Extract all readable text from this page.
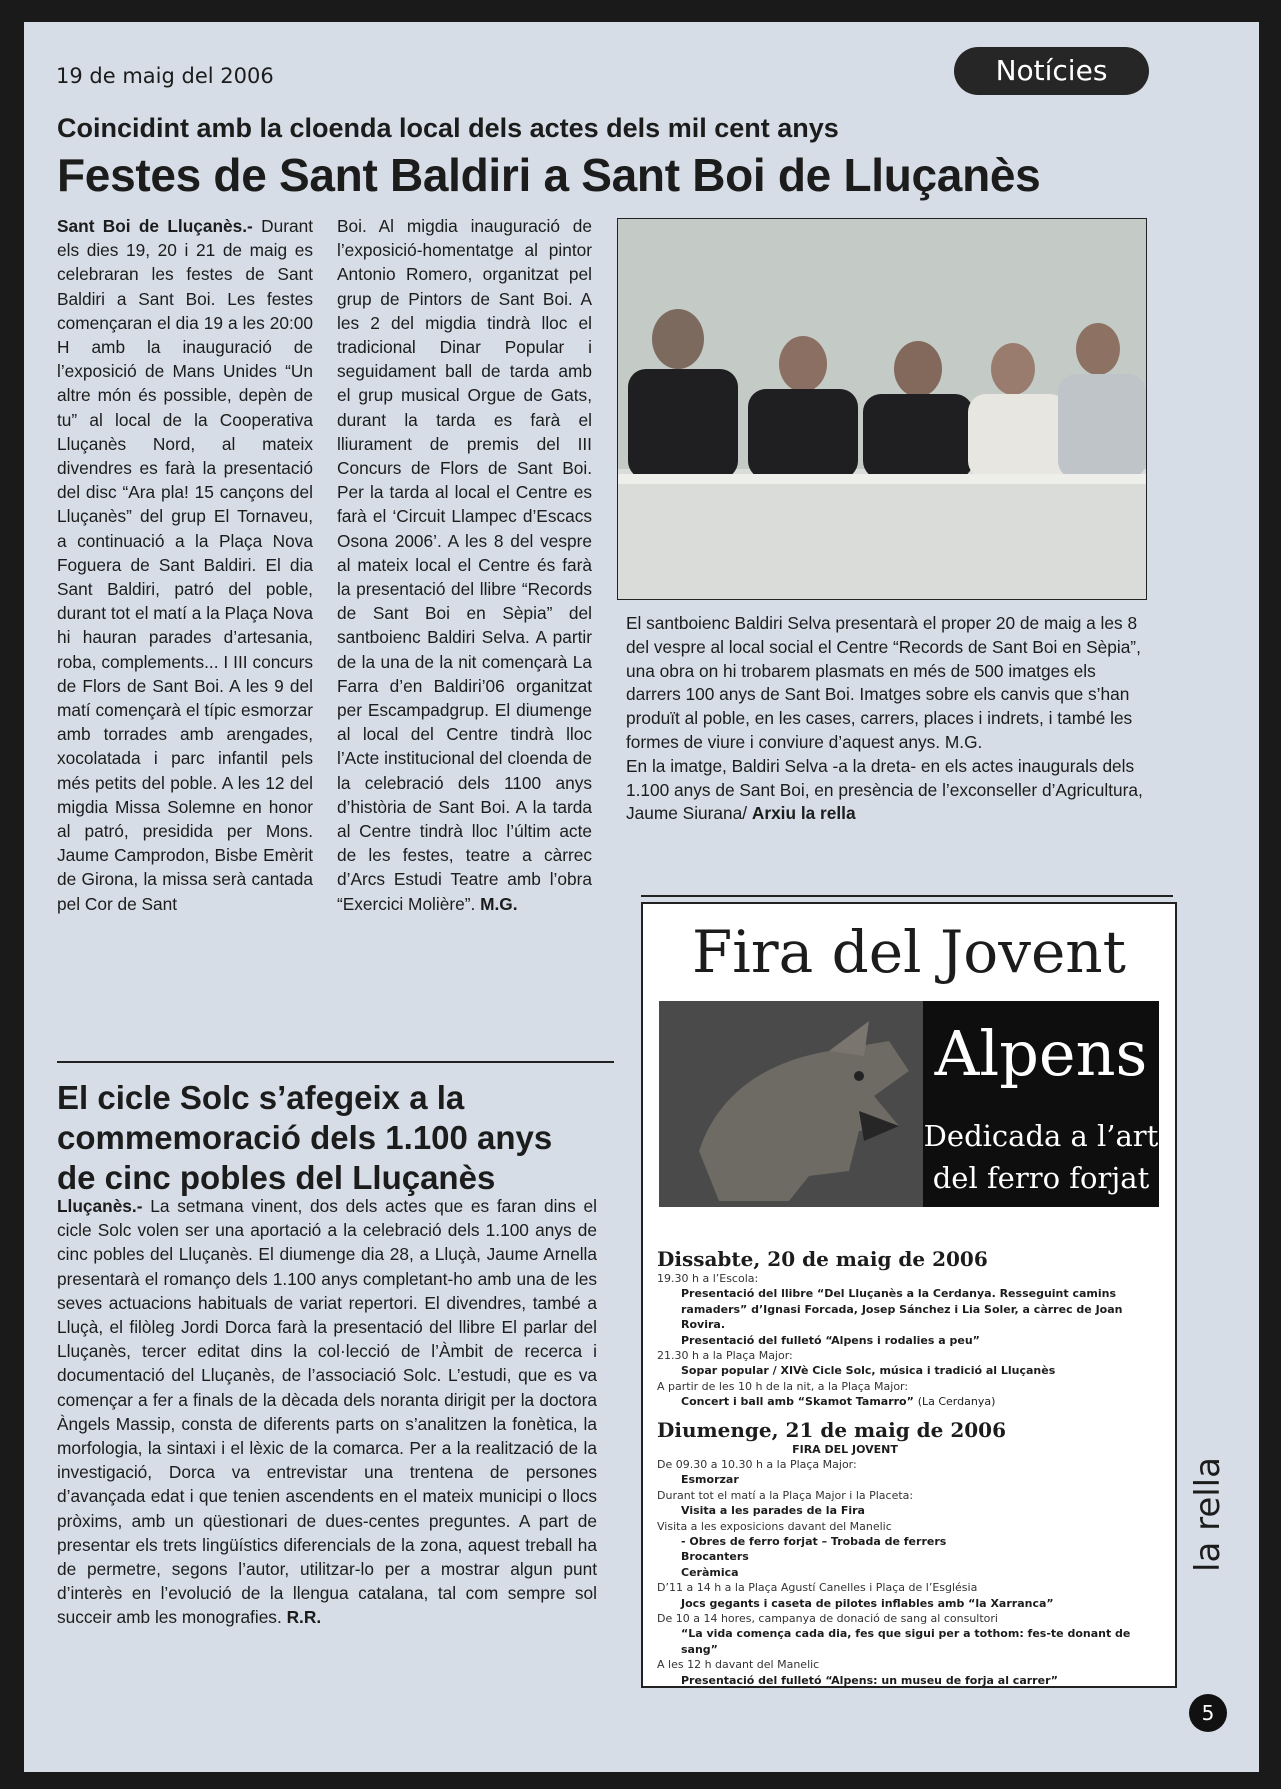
19 de maig del 2006	Notícies
Coincidint amb la cloenda local dels actes dels mil cent anys
Festes de Sant Baldiri a Sant Boi de Lluçanès
Sant Boi de Lluçanès.- Durant els dies 19, 20 i 21 de maig es celebraran les festes de Sant Baldiri a Sant Boi. Les festes començaran el dia 19 a les 20:00 H amb la inauguració de l’exposició de Mans Unides “Un altre món és possible, depèn de tu” al local de la Cooperativa Lluçanès Nord, al mateix divendres es farà la presentació del disc “Ara pla! 15 cançons del Lluçanès” del grup El Tornaveu, a continuació a la Plaça Nova Foguera de Sant Baldiri. El dia Sant Baldiri, patró del poble, durant tot el matí a la Plaça Nova hi hauran parades d’artesania, roba, complements... I III concurs de Flors de Sant Boi. A les 9 del matí començarà el típic esmorzar amb torrades amb arengades, xocolatada i parc infantil pels més petits del poble. A les 12 del migdia Missa Solemne en honor al patró, presidida per Mons. Jaume Camprodon, Bisbe Emèrit de Girona, la missa serà cantada pel Cor de Sant
Boi. Al migdia inauguració de l’exposició-homentatge al pintor Antonio Romero, organitzat pel grup de Pintors de Sant Boi. A les 2 del migdia tindrà lloc el tradicional Dinar Popular i seguidament ball de tarda amb el grup musical Orgue de Gats, durant la tarda es farà el lliurament de premis del III Concurs de Flors de Sant Boi. Per la tarda al local el Centre es farà el ‘Circuit Llampec d’Escacs Osona 2006’. A les 8 del vespre al mateix local el Centre és farà la presentació del llibre “Records de Sant Boi en Sèpia” del santboienc Baldiri Selva. A partir de la una de la nit començarà La Farra d’en Baldiri’06 organitzat per Escampadgrup. El diumenge al local del Centre tindrà lloc l’Acte institucional del cloenda de la celebració dels 1100 anys d’història de Sant Boi. A la tarda al Centre tindrà lloc l’últim acte de les festes, teatre a càrrec d’Arcs Estudi Teatre amb l’obra “Exercici Molière”. M.G.
El santboienc Baldiri Selva presentarà el proper 20 de maig a les 8 del vespre al local social el Centre “Records de Sant Boi en Sèpia”, una obra on hi trobarem plasmats en més de 500 imatges els darrers 100 anys de Sant Boi. Imatges sobre els canvis que s’han produït al poble, en les cases, carrers, places i indrets, i també les formes de viure i conviure d’aquest anys. M.G.
En la imatge, Baldiri Selva -a la dreta- en els actes inaugurals dels 1.100 anys de Sant Boi, en presència de l’exconseller d’Agricultura, Jaume Siurana/ Arxiu la rella
El cicle Solc s’afegeix a la commemoració dels 1.100 anys de cinc pobles del Lluçanès
Lluçanès.- La setmana vinent, dos dels actes que es faran dins el cicle Solc volen ser una aportació a la celebració dels 1.100 anys de cinc pobles del Lluçanès. El diumenge dia 28, a Lluçà, Jaume Arnella presentarà el romanço dels 1.100 anys completant-ho amb una de les seves actuacions habituals de variat repertori. El divendres, també a Lluçà, el filòleg Jordi Dorca farà la presentació del llibre El parlar del Lluçanès, tercer editat dins la col·lecció de l’Àmbit de recerca i documentació del Lluçanès, de l’associació Solc. L’estudi, que es va començar a fer a finals de la dècada dels noranta dirigit per la doctora Àngels Massip, consta de diferents parts on s’analitzen la fonètica, la morfologia, la sintaxi i el lèxic de la comarca. Per a la realització de la investigació, Dorca va entrevistar una trentena de persones d’avançada edat i que tenien ascendents en el mateix municipi o llocs pròxims, amb un qüestionari de dues-centes preguntes. A part de presentar els trets lingüístics diferencials de la zona, aquest treball ha de permetre, segons l’autor, utilitzar-lo per a mostrar algun punt d’interès en l’evolució de la llengua catalana, tal com sempre sol succeir amb les monografies. R.R.
Fira del Jovent
Alpens
Dedicada a l’art
del ferro forjat
Dissabte, 20 de maig de 2006
19.30 h a l’Escola:
Presentació del llibre “Del Lluçanès a la Cerdanya. Resseguint camins ramaders” d’Ignasi Forcada, Josep Sánchez i Lia Soler, a càrrec de Joan Rovira.
Presentació del fulletó “Alpens i rodalies a peu”
21.30 h a la Plaça Major:
Sopar popular / XIVè Cicle Solc, música i tradició al Lluçanès
A partir de les 10 h de la nit, a la Plaça Major:
Concert i ball amb “Skamot Tamarro” (La Cerdanya)
Diumenge, 21 de maig de 2006
FIRA DEL JOVENT
De 09.30 a 10.30 h a la Plaça Major:
Esmorzar
Durant tot el matí a la Plaça Major i la Placeta:
Visita a les parades de la Fira
Visita a les exposicions davant del Manelic
- Obres de ferro forjat – Trobada de ferrers
Brocanters
Ceràmica
D’11 a 14 h a la Plaça Agustí Canelles i Plaça de l’Església
Jocs gegants i caseta de pilotes inflables amb “la Xarranca”
De 10 a 14 hores, campanya de donació de sang al consultori
“La vida comença cada dia, fes que sigui per a tothom: fes-te donant de sang”
A les 12 h davant del Manelic
Presentació del fulletó “Alpens: un museu de forja al carrer”
la rella
5
